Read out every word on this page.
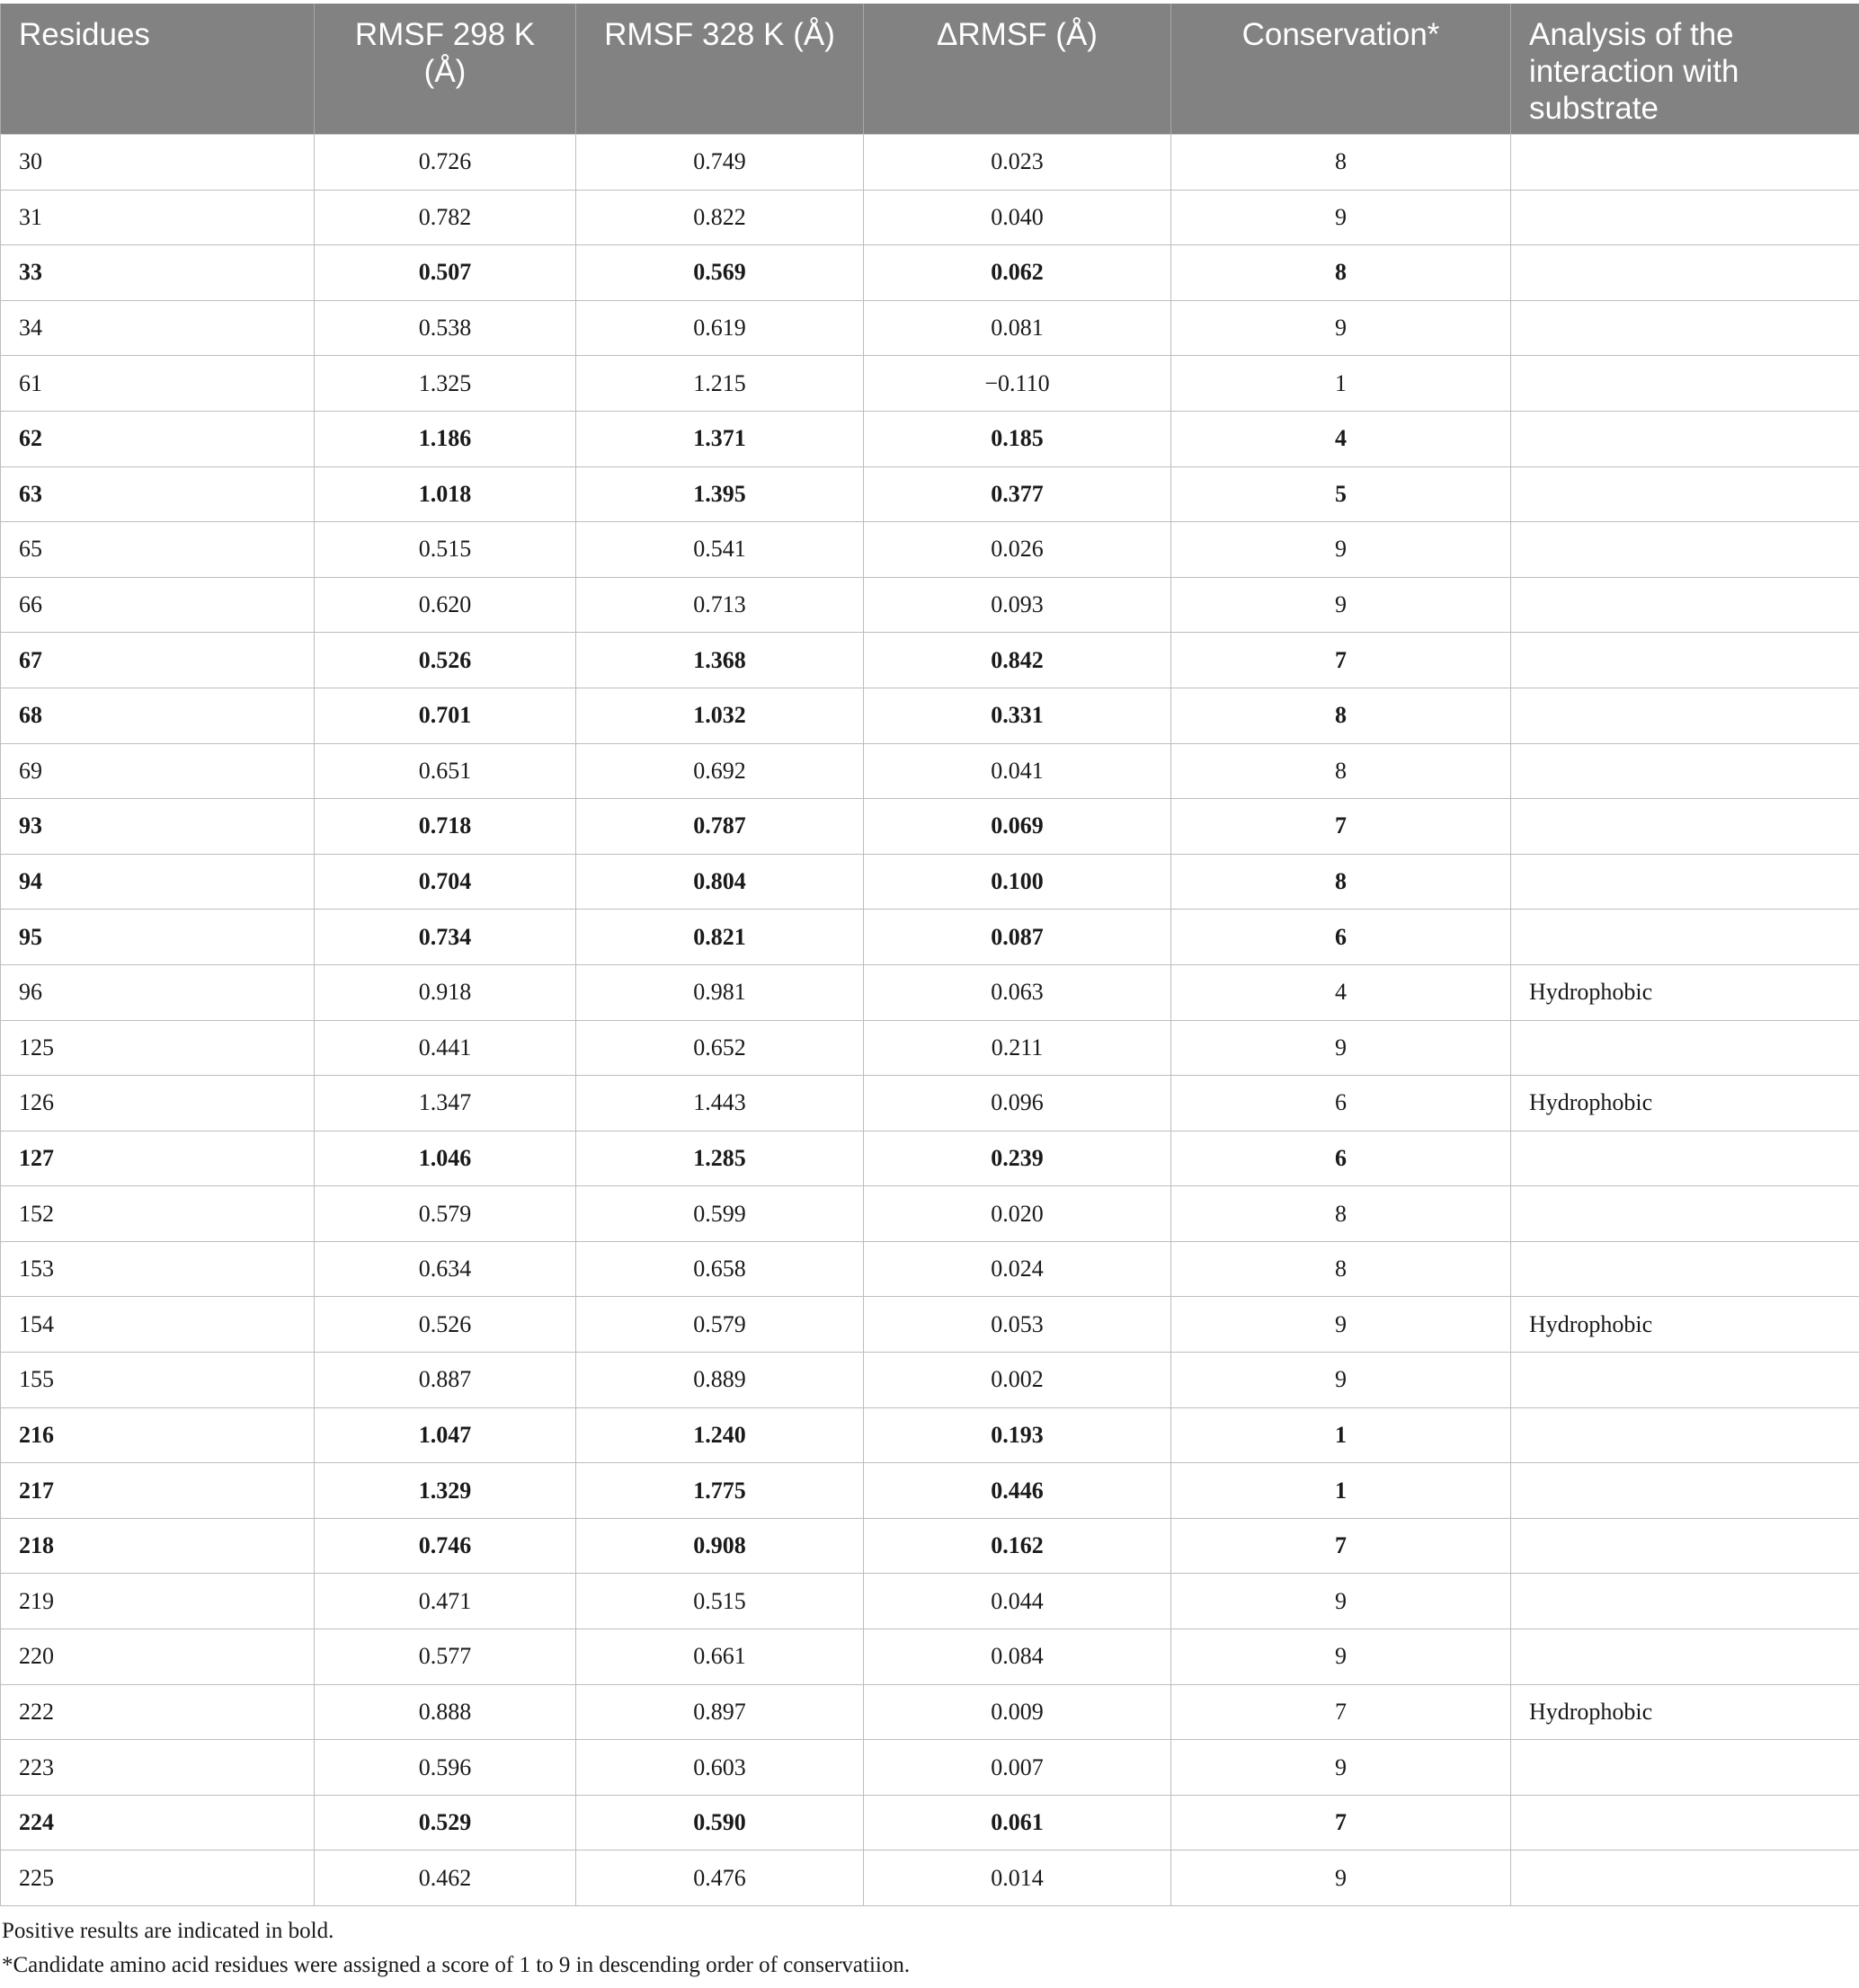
Residues	RMSF 298 K (Å)	RMSF 328 K (Å)	ΔRMSF (Å)	Conservation*	Analysis of the interaction with substrate
30	0.726	0.749	0.023	8	
31	0.782	0.822	0.040	9	
33	0.507	0.569	0.062	8	
34	0.538	0.619	0.081	9	
61	1.325	1.215	−0.110	1	
62	1.186	1.371	0.185	4	
63	1.018	1.395	0.377	5	
65	0.515	0.541	0.026	9	
66	0.620	0.713	0.093	9	
67	0.526	1.368	0.842	7	
68	0.701	1.032	0.331	8	
69	0.651	0.692	0.041	8	
93	0.718	0.787	0.069	7	
94	0.704	0.804	0.100	8	
95	0.734	0.821	0.087	6	
96	0.918	0.981	0.063	4	Hydrophobic
125	0.441	0.652	0.211	9	
126	1.347	1.443	0.096	6	Hydrophobic
127	1.046	1.285	0.239	6	
152	0.579	0.599	0.020	8	
153	0.634	0.658	0.024	8	
154	0.526	0.579	0.053	9	Hydrophobic
155	0.887	0.889	0.002	9	
216	1.047	1.240	0.193	1	
217	1.329	1.775	0.446	1	
218	0.746	0.908	0.162	7	
219	0.471	0.515	0.044	9	
220	0.577	0.661	0.084	9	
222	0.888	0.897	0.009	7	Hydrophobic
223	0.596	0.603	0.007	9	
224	0.529	0.590	0.061	7	
225	0.462	0.476	0.014	9	

Positive results are indicated in bold.

*Candidate amino acid residues were assigned a score of 1 to 9 in descending order of conservatiion.
